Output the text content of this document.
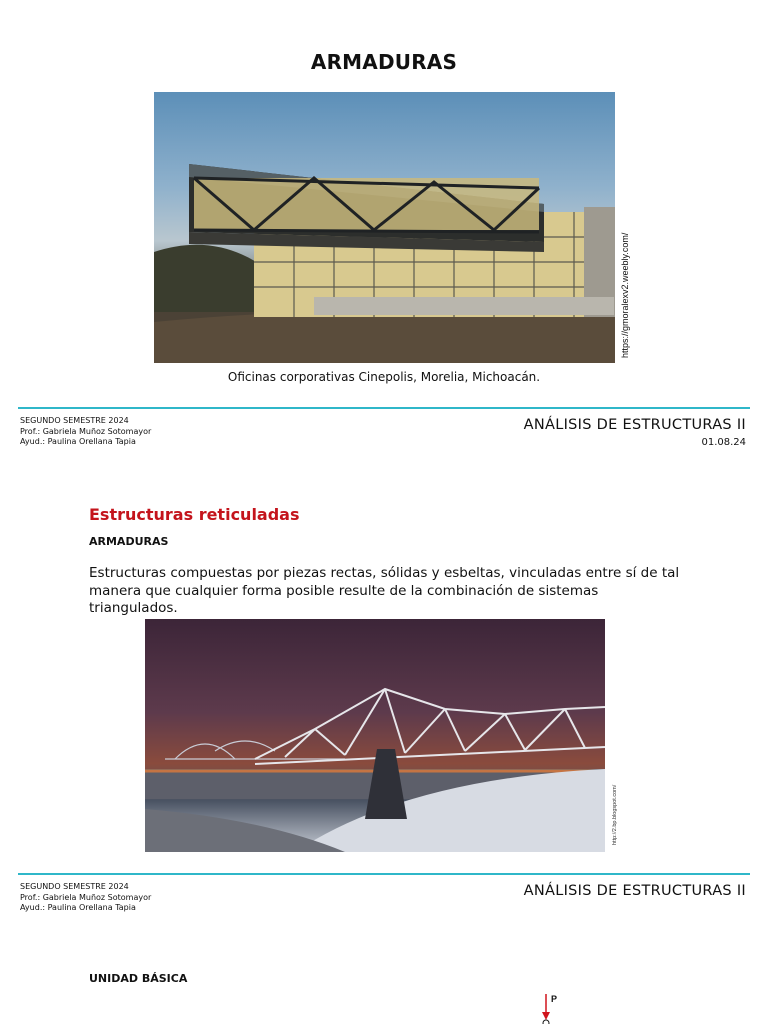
ARMADURAS
https://gmoralexv2.weebly.com/
Oficinas corporativas Cinepolis, Morelia, Michoacán.
SEGUNDO SEMESTRE 2024
Prof.: Gabriela Muñoz Sotomayor
Ayud.: Paulina Orellana Tapia
ANÁLISIS DE ESTRUCTURAS II
01.08.24
Estructuras reticuladas
ARMADURAS
Estructuras compuestas por piezas rectas, sólidas y esbeltas, vinculadas entre sí de tal manera que cualquier forma posible resulte de la combinación de sistemas triangulados.
http://2.bp.blogspot.com/
SEGUNDO SEMESTRE 2024
Prof.: Gabriela Muñoz Sotomayor
Ayud.: Paulina Orellana Tapia
ANÁLISIS DE ESTRUCTURAS II
UNIDAD BÁSICA
P
